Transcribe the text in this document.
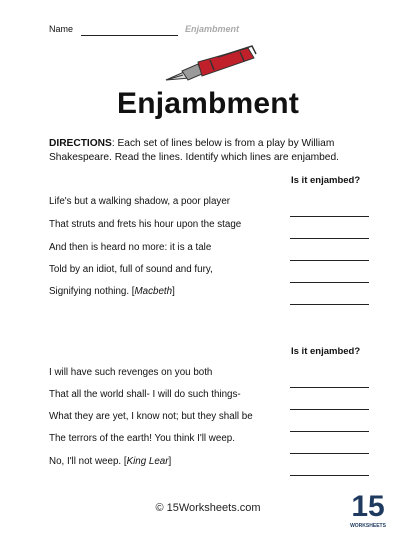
Name	Enjambment
Enjambment
DIRECTIONS: Each set of lines below is from a play by William Shakespeare. Read the lines. Identify which lines are enjambed.
Is it enjambed?
Life's but a walking shadow, a poor player
That struts and frets his hour upon the stage
And then is heard no more: it is a tale
Told by an idiot, full of sound and fury,
Signifying nothing. [Macbeth]
Is it enjambed?
I will have such revenges on you both
That all the world shall- I will do such things-
What they are yet, I know not; but they shall be
The terrors of the earth! You think I'll weep.
No, I'll not weep. [King Lear]
© 15Worksheets.com	15
WORKSHEETS
